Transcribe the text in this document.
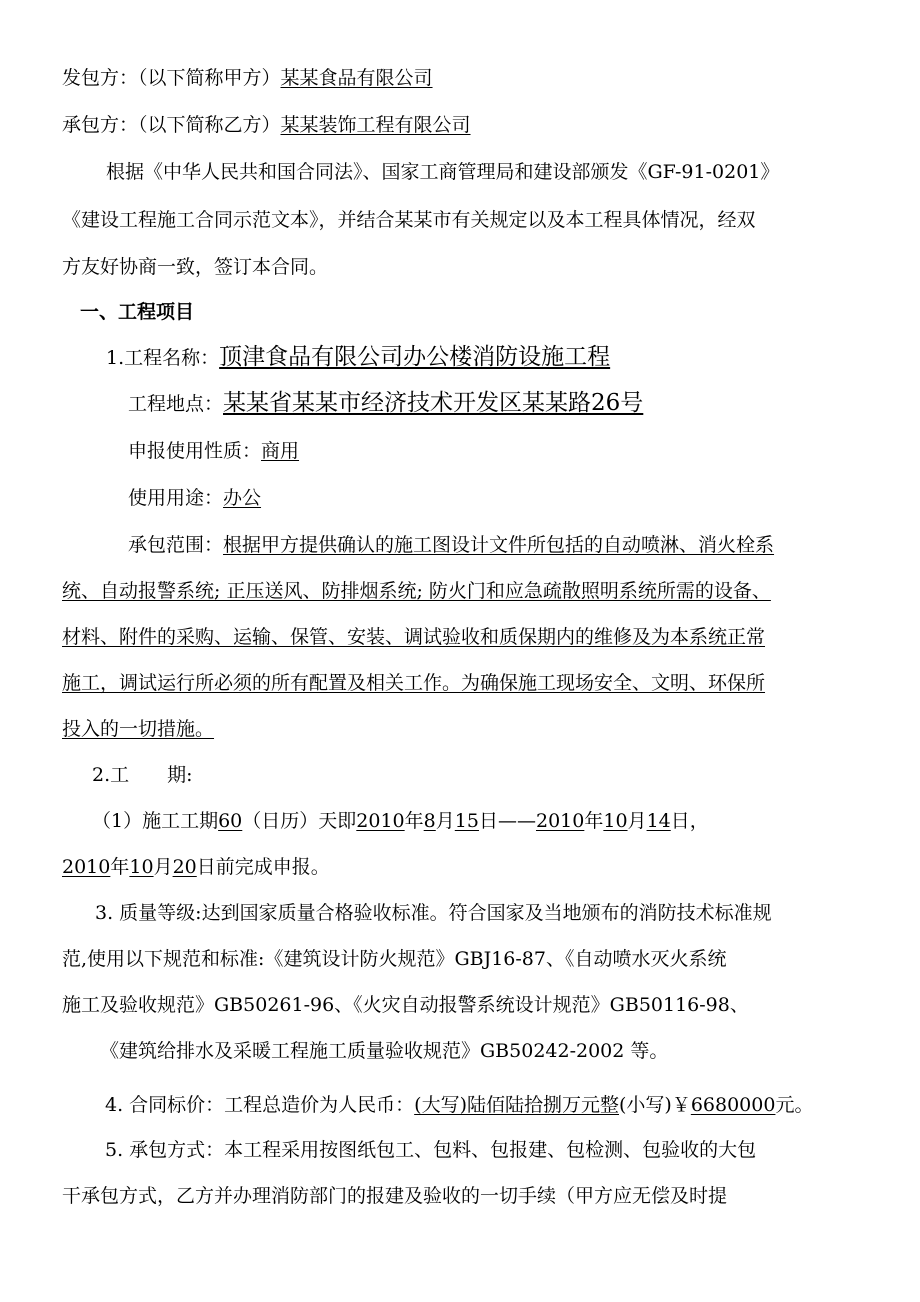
发包方：（以下简称甲方）某某食品有限公司
承包方：（以下简称乙方）某某装饰工程有限公司
根据《中华人民共和国合同法》、国家工商管理局和建设部颁发《GF-91-0201》
《建设工程施工合同示范文本》，并结合某某市有关规定以及本工程具体情况，经双
方友好协商一致，签订本合同。
一、工程项目
1.工程名称：顶津食品有限公司办公楼消防设施工程
工程地点：某某省某某市经济技术开发区某某路26号
申报使用性质：商用
使用用途：办公
承包范围：根据甲方提供确认的施工图设计文件所包括的自动喷淋、消火栓系
统、自动报警系统; 正压送风、防排烟系统; 防火门和应急疏散照明系统所需的设备、
材料、附件的采购、运输、保管、安装、调试验收和质保期内的维修及为本系统正常
施工，调试运行所必须的所有配置及相关工作。为确保施工现场安全、文明、环保所
投入的一切措施。
2.工　　期:
（1）施工工期60（日历）天即2010年8月15日——2010年10月14日，
2010年10月20日前完成申报。
3. 质量等级:达到国家质量合格验收标准。符合国家及当地颁布的消防技术标准规
范,使用以下规范和标准:《建筑设计防火规范》GBJ16-87、《自动喷水灭火系统
施工及验收规范》GB50261-96、《火灾自动报警系统设计规范》GB50116-98、
《建筑给排水及采暖工程施工质量验收规范》GB50242-2002 等。
4. 合同标价：工程总造价为人民币：(大写)陆佰陆拾捌万元整(小写)￥6680000元。
5. 承包方式：本工程采用按图纸包工、包料、包报建、包检测、包验收的大包
干承包方式，乙方并办理消防部门的报建及验收的一切手续（甲方应无偿及时提
